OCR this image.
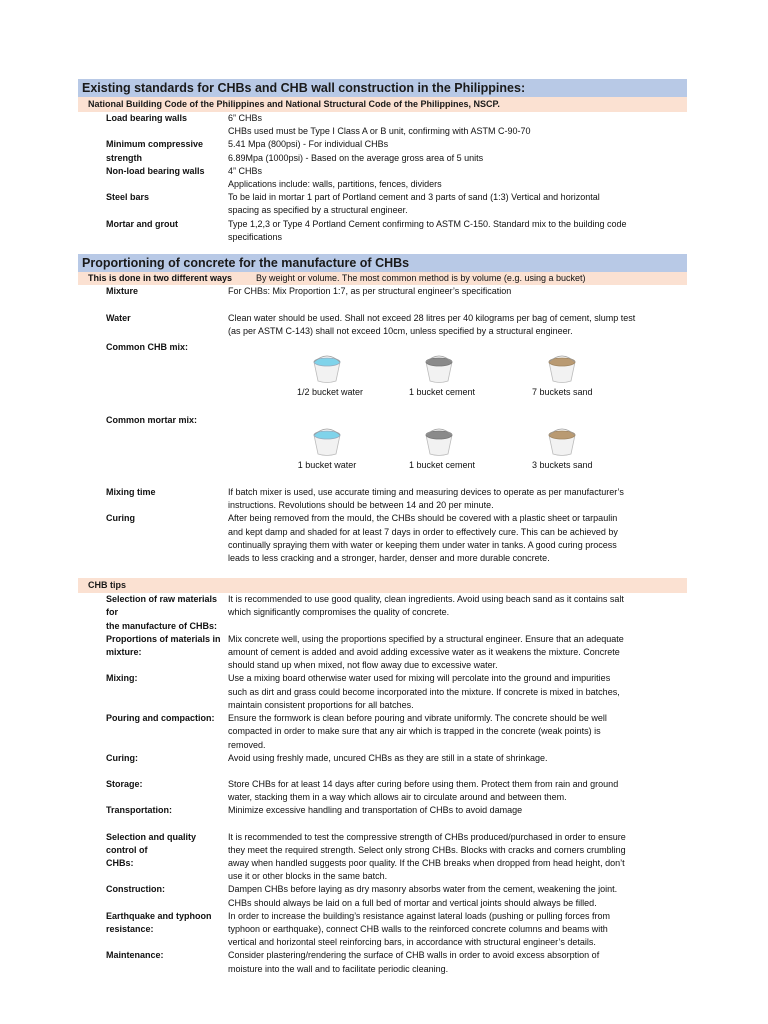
Existing standards for CHBs and CHB wall construction in the Philippines:
National Building Code of the Philippines and National Structural Code of the Philippines, NSCP.
Load bearing walls	6” CHBs
CHBs used must be Type I Class A or B unit, confirming with ASTM C-90-70
Minimum compressive strength
5.41 Mpa (800psi) - For individual CHBs
6.89Mpa (1000psi) - Based on the average gross area of 5 units
Non-load bearing walls	4” CHBs
Applications include: walls, partitions, fences, dividers
Steel bars	To be laid in mortar 1 part of Portland cement and 3 parts of sand (1:3) Vertical and horizontal
spacing as specified by a structural engineer.
Mortar and grout	Type 1,2,3 or Type 4 Portland Cement confirming to ASTM C-150. Standard mix to the building code
specifications
Proportioning of concrete for the manufacture of CHBs
This is done in two different ways	By weight or volume. The most common method is by volume (e.g. using a bucket)
Mixture	For CHBs: Mix Proportion 1:7, as per structural engineer’s specification
Water	Clean water should be used. Shall not exceed 28 litres per 40 kilograms per bag of cement, slump test
(as per ASTM C-143) shall not exceed 10cm, unless specified by a structural engineer.
Common CHB mix:
1/2 bucket water	1 bucket cement	7 buckets sand
Common mortar mix:
1 bucket water	1 bucket cement	3 buckets sand
Mixing time	If batch mixer is used, use accurate timing and measuring devices to operate as per manufacturer’s
instructions. Revolutions should be between 14 and 20 per minute.
Curing	After being removed from the mould, the CHBs should be covered with a plastic sheet or tarpaulin
and kept damp and shaded for at least 7 days in order to effectively cure. This can be achieved by
continually spraying them with water or keeping them under water in tanks. A good curing process
leads to less cracking and a stronger, harder, denser and more durable concrete.
CHB tips
Selection of raw materials for
the manufacture of CHBs:
It is recommended to use good quality, clean ingredients. Avoid using beach sand as it contains salt
which significantly compromises the quality of concrete.
Proportions of materials in
mixture:
Mix concrete well, using the proportions specified by a structural engineer. Ensure that an adequate
amount of cement is added and avoid adding excessive water as it weakens the mixture. Concrete
should stand up when mixed, not flow away due to excessive water.
Mixing:	Use a mixing board otherwise water used for mixing will percolate into the ground and impurities
such as dirt and grass could become incorporated into the mixture. If concrete is mixed in batches,
maintain consistent proportions for all batches.
Pouring and compaction:	Ensure the formwork is clean before pouring and vibrate uniformly. The concrete should be well
compacted in order to make sure that any air which is trapped in the concrete (weak points) is
removed.
Curing:	Avoid using freshly made, uncured CHBs as they are still in a state of shrinkage.
Storage:	Store CHBs for at least 14 days after curing before using them. Protect them from rain and ground
water, stacking them in a way which allows air to circulate around and between them.
Transportation:	Minimize excessive handling and transportation of CHBs to avoid damage
Selection and quality control of
CHBs:
It is recommended to test the compressive strength of CHBs produced/purchased in order to ensure
they meet the required strength. Select only strong CHBs. Blocks with cracks and corners crumbling
away when handled suggests poor quality. If the CHB breaks when dropped from head height, don’t
use it or other blocks in the same batch.
Construction:	Dampen CHBs before laying as dry masonry absorbs water from the cement, weakening the joint.
CHBs should always be laid on a full bed of mortar and vertical joints should always be filled.
Earthquake and typhoon
resistance:
In order to increase the building’s resistance against lateral loads (pushing or pulling forces from
typhoon or earthquake), connect CHB walls to the reinforced concrete columns and beams with
vertical and horizontal steel reinforcing bars, in accordance with structural engineer’s details.
Maintenance:	Consider plastering/rendering the surface of CHB walls in order to avoid excess absorption of
moisture into the wall and to facilitate periodic cleaning.
